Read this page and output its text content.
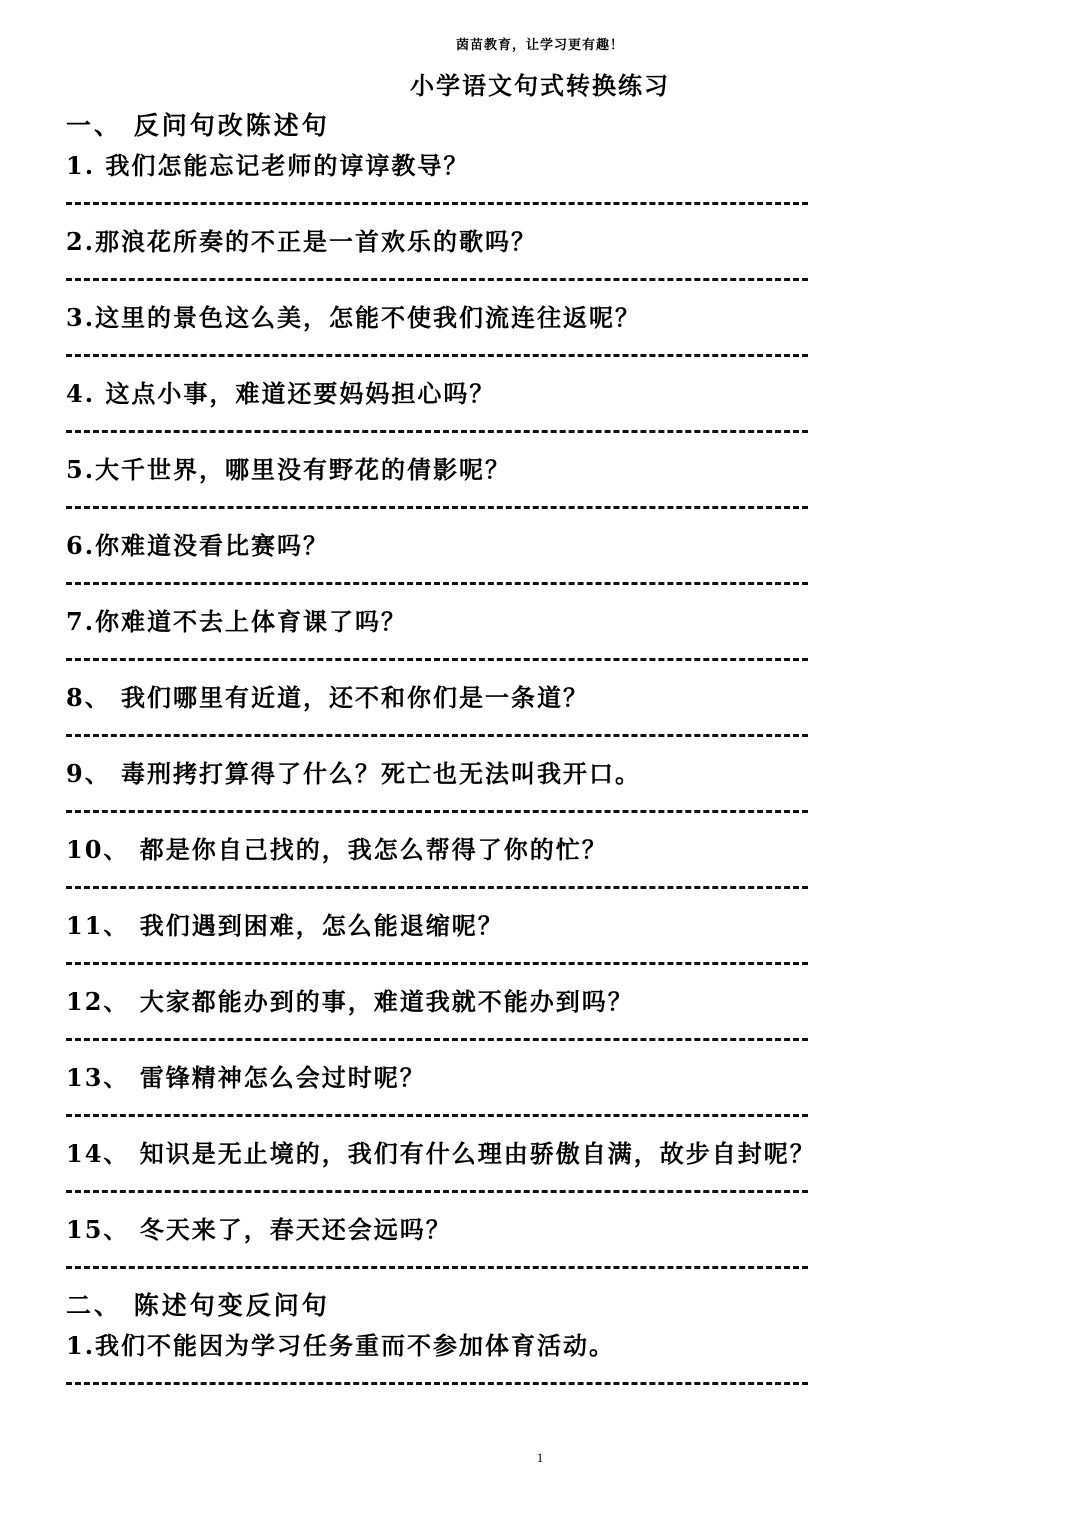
茵苗教育，让学习更有趣！
小学语文句式转换练习
一、 反问句改陈述句
1. 我们怎能忘记老师的谆谆教导？
2.那浪花所奏的不正是一首欢乐的歌吗？
3.这里的景色这么美，怎能不使我们流连往返呢？
4. 这点小事，难道还要妈妈担心吗？
5.大千世界，哪里没有野花的倩影呢？
6.你难道没看比赛吗？
7.你难道不去上体育课了吗？
8、 我们哪里有近道，还不和你们是一条道？
9、 毒刑拷打算得了什么？死亡也无法叫我开口。
10、 都是你自己找的，我怎么帮得了你的忙？
11、 我们遇到困难，怎么能退缩呢？
12、 大家都能办到的事，难道我就不能办到吗？
13、 雷锋精神怎么会过时呢？
14、 知识是无止境的，我们有什么理由骄傲自满，故步自封呢？
15、 冬天来了，春天还会远吗？
二、 陈述句变反问句
1.我们不能因为学习任务重而不参加体育活动。
1
